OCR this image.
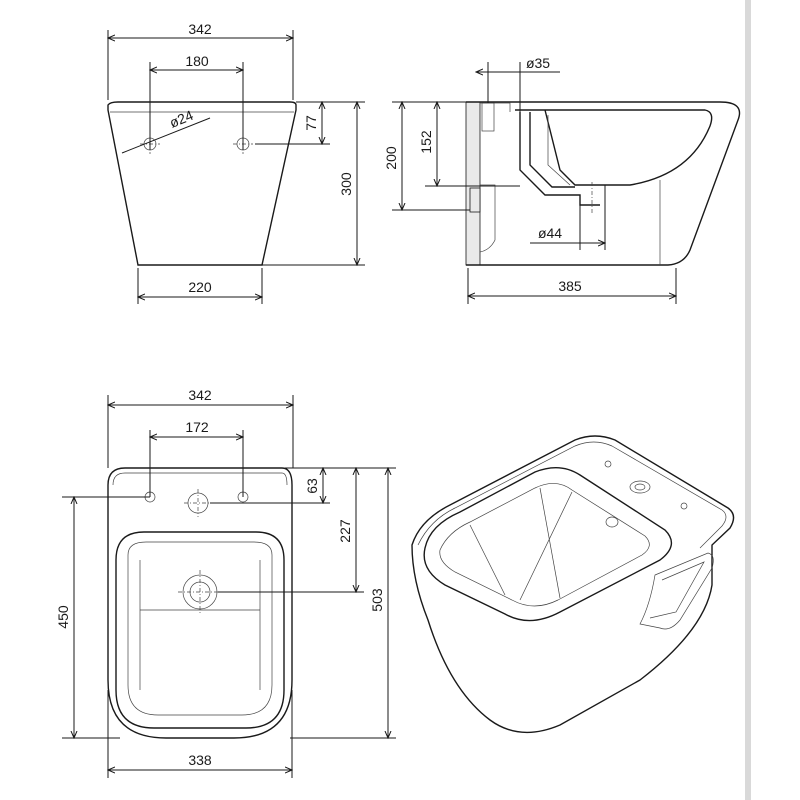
342
180
ø24	77
300
220
ø35
152
200
ø44
385
342
172
63
227
503
450
338
